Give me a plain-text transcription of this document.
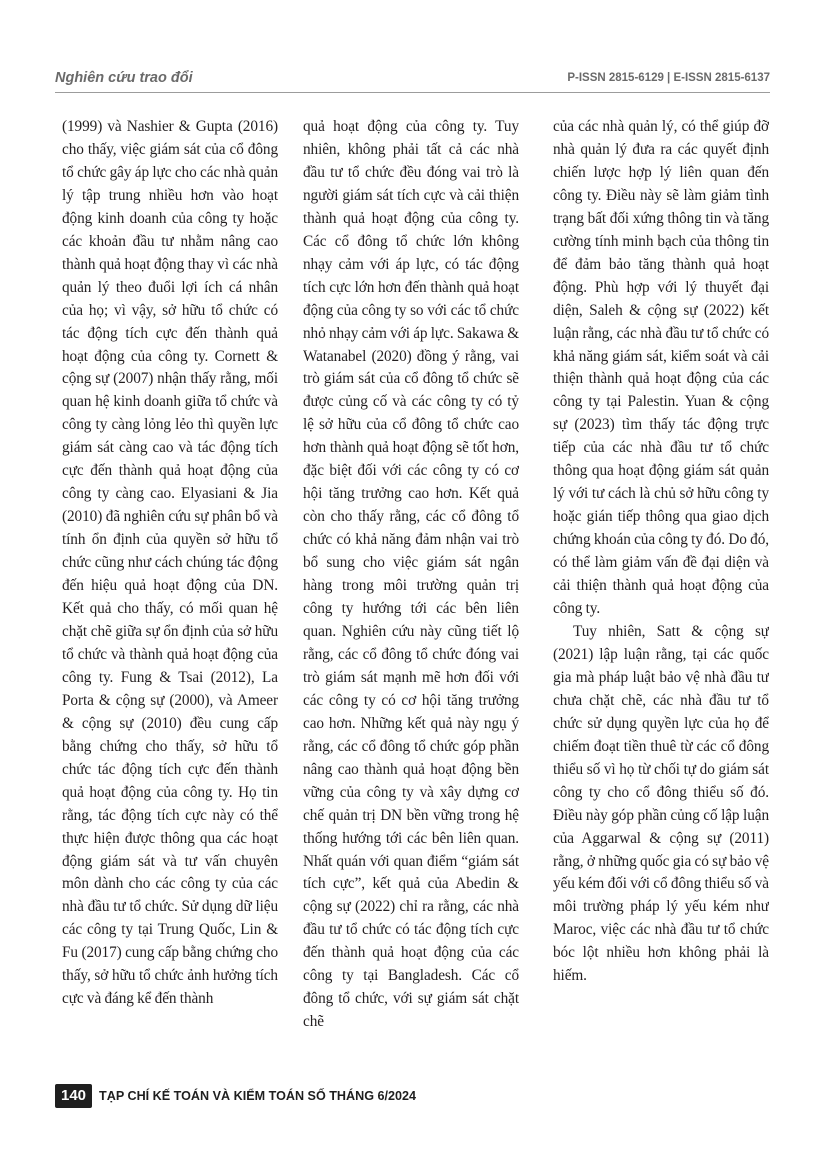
Nghiên cứu trao đổi	P-ISSN 2815-6129 | E-ISSN 2815-6137

(1999) và Nashier & Gupta (2016) cho thấy, việc giám sát của cổ đông tổ chức gây áp lực cho các nhà quản lý tập trung nhiều hơn vào hoạt động kinh doanh của công ty hoặc các khoản đầu tư nhằm nâng cao thành quả hoạt động thay vì các nhà quản lý theo đuổi lợi ích cá nhân của họ; vì vậy, sở hữu tổ chức có tác động tích cực đến thành quả hoạt động của công ty. Cornett & cộng sự (2007) nhận thấy rằng, mối quan hệ kinh doanh giữa tổ chức và công ty càng lỏng lẻo thì quyền lực giám sát càng cao và tác động tích cực đến thành quả hoạt động của công ty càng cao. Elyasiani & Jia (2010) đã nghiên cứu sự phân bổ và tính ổn định của quyền sở hữu tổ chức cũng như cách chúng tác động đến hiệu quả hoạt động của DN. Kết quả cho thấy, có mối quan hệ chặt chẽ giữa sự ổn định của sở hữu tổ chức và thành quả hoạt động của công ty. Fung & Tsai (2012), La Porta & cộng sự (2000), và Ameer & cộng sự (2010) đều cung cấp bằng chứng cho thấy, sở hữu tổ chức tác động tích cực đến thành quả hoạt động của công ty. Họ tin rằng, tác động tích cực này có thể thực hiện được thông qua các hoạt động giám sát và tư vấn chuyên môn dành cho các công ty của các nhà đầu tư tổ chức. Sử dụng dữ liệu các công ty tại Trung Quốc, Lin & Fu (2017) cung cấp bằng chứng cho thấy, sở hữu tổ chức ảnh hưởng tích cực và đáng kể đến thành

quả hoạt động của công ty. Tuy nhiên, không phải tất cả các nhà đầu tư tổ chức đều đóng vai trò là người giám sát tích cực và cải thiện thành quả hoạt động của công ty. Các cổ đông tổ chức lớn không nhạy cảm với áp lực, có tác động tích cực lớn hơn đến thành quả hoạt động của công ty so với các tổ chức nhỏ nhạy cảm với áp lực. Sakawa & Watanabel (2020) đồng ý rằng, vai trò giám sát của cổ đông tổ chức sẽ được củng cố và các công ty có tỷ lệ sở hữu của cổ đông tổ chức cao hơn thành quả hoạt động sẽ tốt hơn, đặc biệt đối với các công ty có cơ hội tăng trưởng cao hơn. Kết quả còn cho thấy rằng, các cổ đông tổ chức có khả năng đảm nhận vai trò bổ sung cho việc giám sát ngân hàng trong môi trường quản trị công ty hướng tới các bên liên quan. Nghiên cứu này cũng tiết lộ rằng, các cổ đông tổ chức đóng vai trò giám sát mạnh mẽ hơn đối với các công ty có cơ hội tăng trưởng cao hơn. Những kết quả này ngụ ý rằng, các cổ đông tổ chức góp phần nâng cao thành quả hoạt động bền vững của công ty và xây dựng cơ chế quản trị DN bền vững trong hệ thống hướng tới các bên liên quan. Nhất quán với quan điểm “giám sát tích cực”, kết quả của Abedin & cộng sự (2022) chỉ ra rằng, các nhà đầu tư tổ chức có tác động tích cực đến thành quả hoạt động của các công ty tại Bangladesh. Các cổ đông tổ chức, với sự giám sát chặt chẽ

của các nhà quản lý, có thể giúp đỡ nhà quản lý đưa ra các quyết định chiến lược hợp lý liên quan đến công ty. Điều này sẽ làm giảm tình trạng bất đối xứng thông tin và tăng cường tính minh bạch của thông tin để đảm bảo tăng thành quả hoạt động. Phù hợp với lý thuyết đại diện, Saleh & cộng sự (2022) kết luận rằng, các nhà đầu tư tổ chức có khả năng giám sát, kiểm soát và cải thiện thành quả hoạt động của các công ty tại Palestin. Yuan & cộng sự (2023) tìm thấy tác động trực tiếp của các nhà đầu tư tổ chức thông qua hoạt động giám sát quản lý với tư cách là chủ sở hữu công ty hoặc gián tiếp thông qua giao dịch chứng khoán của công ty đó. Do đó, có thể làm giảm vấn đề đại diện và cải thiện thành quả hoạt động của công ty.

Tuy nhiên, Satt & cộng sự (2021) lập luận rằng, tại các quốc gia mà pháp luật bảo vệ nhà đầu tư chưa chặt chẽ, các nhà đầu tư tổ chức sử dụng quyền lực của họ để chiếm đoạt tiền thuê từ các cổ đông thiểu số vì họ từ chối tự do giám sát công ty cho cổ đông thiểu số đó. Điều này góp phần củng cố lập luận của Aggarwal & cộng sự (2011) rằng, ở những quốc gia có sự bảo vệ yếu kém đối với cổ đông thiểu số và môi trường pháp lý yếu kém như Maroc, việc các nhà đầu tư tổ chức bóc lột nhiều hơn không phải là hiếm.

140	TẠP CHÍ KẾ TOÁN VÀ KIỂM TOÁN SỐ THÁNG 6/2024
